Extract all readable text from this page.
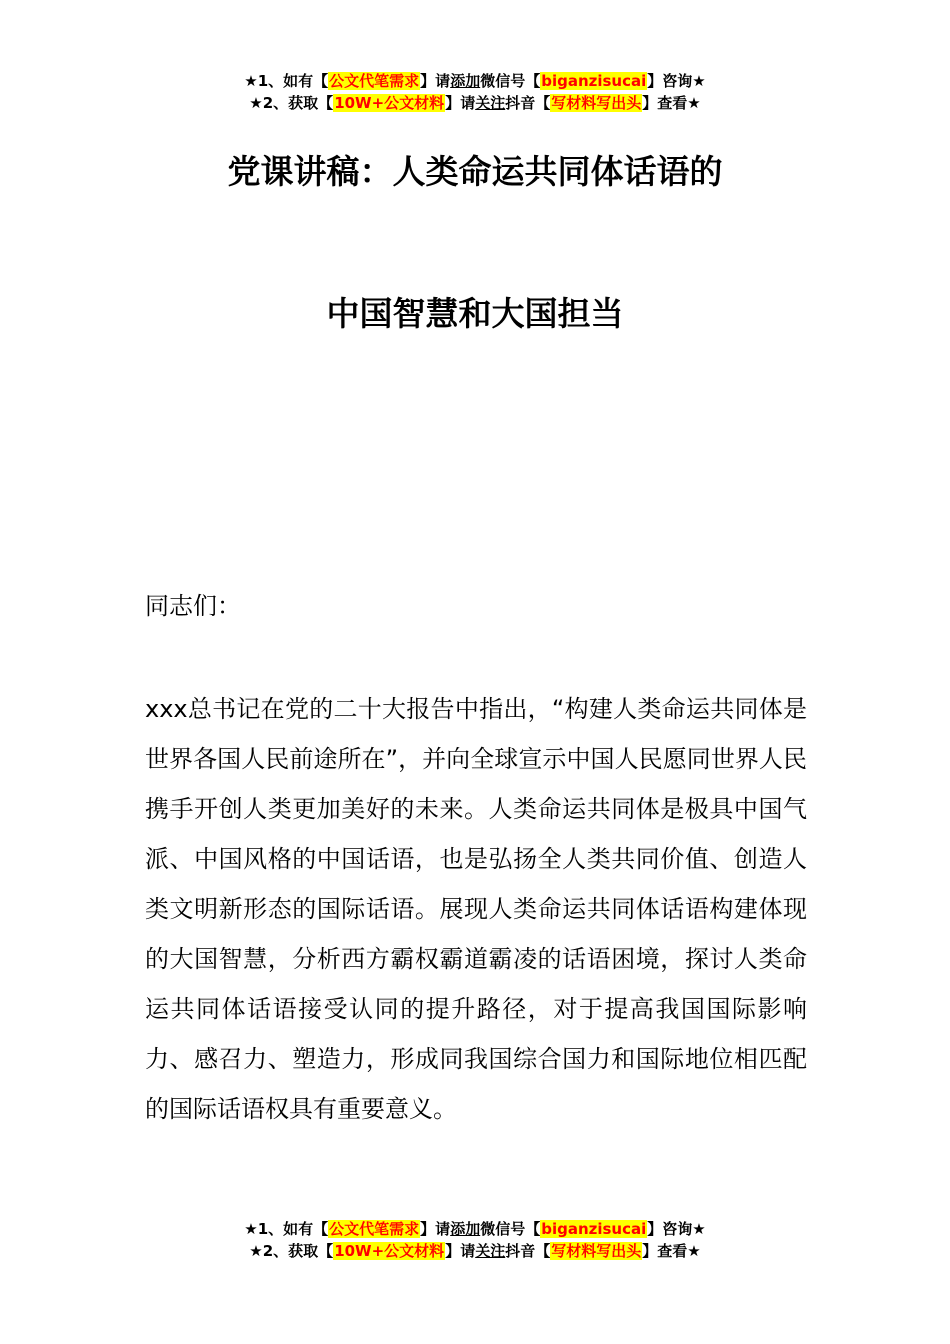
★1、如有【公文代笔需求】请添加微信号【biganzisucai】咨询★
★2、获取【10W+公文材料】请关注抖音【写材料写出头】查看★
党课讲稿：人类命运共同体话语的
中国智慧和大国担当
同志们：
xxx总书记在党的二十大报告中指出，“构建人类命运共同体是世界各国人民前途所在”，并向全球宣示中国人民愿同世界人民携手开创人类更加美好的未来。人类命运共同体是极具中国气派、中国风格的中国话语，也是弘扬全人类共同价值、创造人类文明新形态的国际话语。展现人类命运共同体话语构建体现的大国智慧，分析西方霸权霸道霸凌的话语困境，探讨人类命运共同体话语接受认同的提升路径，对于提高我国国际影响力、感召力、塑造力，形成同我国综合国力和国际地位相匹配的国际话语权具有重要意义。
★1、如有【公文代笔需求】请添加微信号【biganzisucai】咨询★
★2、获取【10W+公文材料】请关注抖音【写材料写出头】查看★
